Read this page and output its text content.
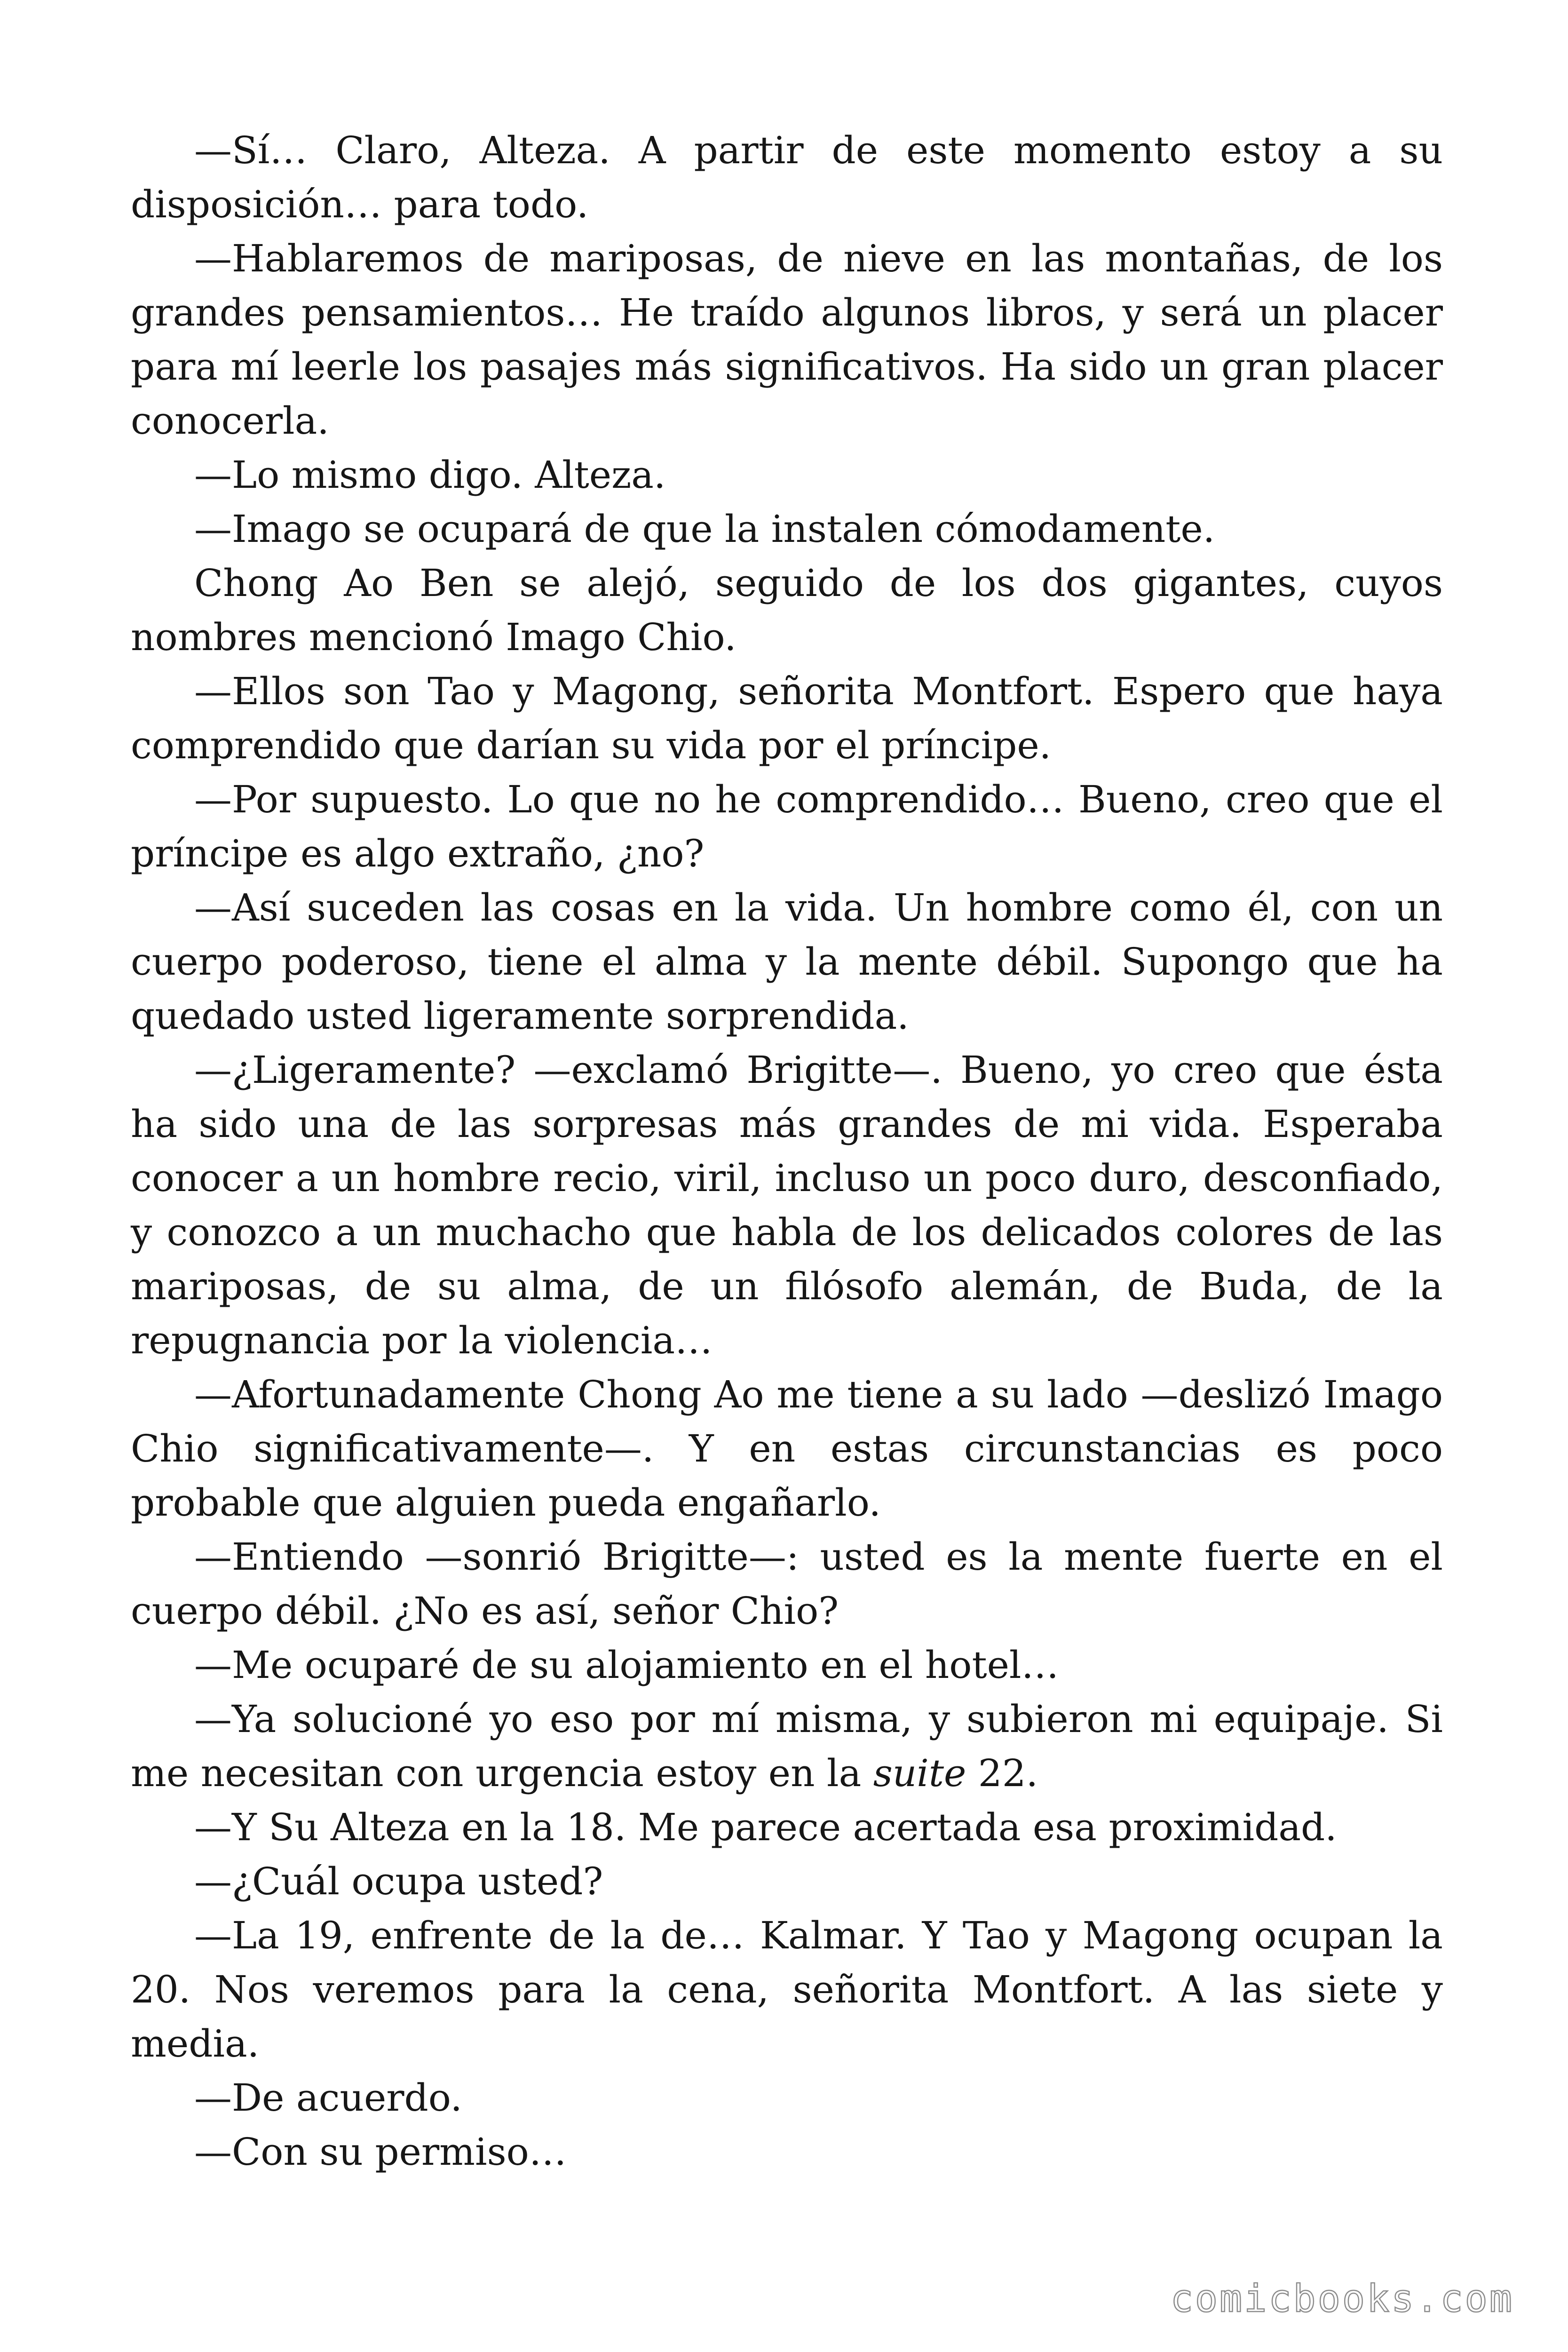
—Sí… Claro, Alteza. A partir de este momento estoy a su disposición… para todo.

—Hablaremos de mariposas, de nieve en las montañas, de los grandes pensamientos… He traído algunos libros, y será un placer para mí leerle los pasajes más significativos. Ha sido un gran placer conocerla.

—Lo mismo digo. Alteza.

—Imago se ocupará de que la instalen cómodamente.

Chong Ao Ben se alejó, seguido de los dos gigantes, cuyos nombres mencionó Imago Chio.

—Ellos son Tao y Magong, señorita Montfort. Espero que haya comprendido que darían su vida por el príncipe.

—Por supuesto. Lo que no he comprendido… Bueno, creo que el príncipe es algo extraño, ¿no?

—Así suceden las cosas en la vida. Un hombre como él, con un cuerpo poderoso, tiene el alma y la mente débil. Supongo que ha quedado usted ligeramente sorprendida.

—¿Ligeramente? —exclamó Brigitte—. Bueno, yo creo que ésta ha sido una de las sorpresas más grandes de mi vida. Esperaba conocer a un hombre recio, viril, incluso un poco duro, desconfiado, y conozco a un muchacho que habla de los delicados colores de las mariposas, de su alma, de un filósofo alemán, de Buda, de la repugnancia por la violencia…

—Afortunadamente Chong Ao me tiene a su lado —deslizó Imago Chio significativamente—. Y en estas circunstancias es poco probable que alguien pueda engañarlo.

—Entiendo —sonrió Brigitte—: usted es la mente fuerte en el cuerpo débil. ¿No es así, señor Chio?

—Me ocuparé de su alojamiento en el hotel…

—Ya solucioné yo eso por mí misma, y subieron mi equipaje. Si me necesitan con urgencia estoy en la suite 22.

—Y Su Alteza en la 18. Me parece acertada esa proximidad.

—¿Cuál ocupa usted?

—La 19, enfrente de la de… Kalmar. Y Tao y Magong ocupan la 20. Nos veremos para la cena, señorita Montfort. A las siete y media.

—De acuerdo.

—Con su permiso…

comicbooks.com
